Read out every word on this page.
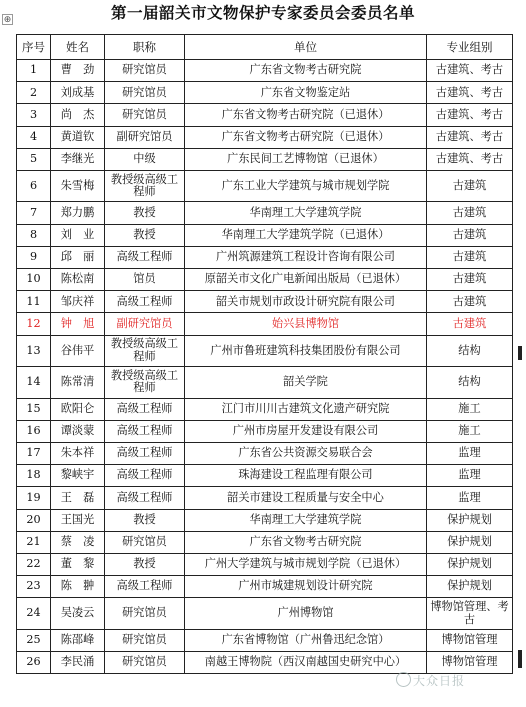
⊕	第一届韶关市文物保护专家委员会委员名单
序号	姓名	职称	单位	专业组别
1	曹　劲	研究馆员	广东省文物考古研究院	古建筑、考古
2	刘成基	研究馆员	广东省文物鉴定站	古建筑、考古
3	尚　杰	研究馆员	广东省文物考古研究院（已退休）	古建筑、考古
4	黄道钦	副研究馆员	广东省文物考古研究院（已退休）	古建筑、考古
5	李继光	中级	广东民间工艺博物馆（已退休）	古建筑、考古
6	朱雪梅	教授级高级工程师	广东工业大学建筑与城市规划学院	古建筑
7	郑力鹏	教授	华南理工大学建筑学院	古建筑
8	刘　业	教授	华南理工大学建筑学院（已退休）	古建筑
9	邱　丽	高级工程师	广州筑源建筑工程设计咨询有限公司	古建筑
10	陈松南	馆员	原韶关市文化广电新闻出版局（已退休）	古建筑
11	邹庆祥	高级工程师	韶关市规划市政设计研究院有限公司	古建筑
12	钟　旭	副研究馆员	始兴县博物馆	古建筑
13	谷伟平	教授级高级工程师	广州市鲁班建筑科技集团股份有限公司	结构
14	陈常清	教授级高级工程师	韶关学院	结构
15	欧阳仑	高级工程师	江门市川川古建筑文化遗产研究院	施工
16	谭淡蒙	高级工程师	广州市房屋开发建设有限公司	施工
17	朱本祥	高级工程师	广东省公共资源交易联合会	监理
18	黎峡宇	高级工程师	珠海建设工程监理有限公司	监理
19	王　磊	高级工程师	韶关市建设工程质量与安全中心	监理
20	王国光	教授	华南理工大学建筑学院	保护规划
21	蔡　凌	研究馆员	广东省文物考古研究院	保护规划
22	董　黎	教授	广州大学建筑与城市规划学院（已退休）	保护规划
23	陈　翀	高级工程师	广州市城建规划设计研究院	保护规划
24	吴凌云	研究馆员	广州博物馆	博物馆管理、考古
25	陈邵峰	研究馆员	广东省博物馆（广州鲁迅纪念馆）	博物馆管理
26	李民涌	研究馆员	南越王博物院（西汉南越国史研究中心）	博物馆管理
大众日报
